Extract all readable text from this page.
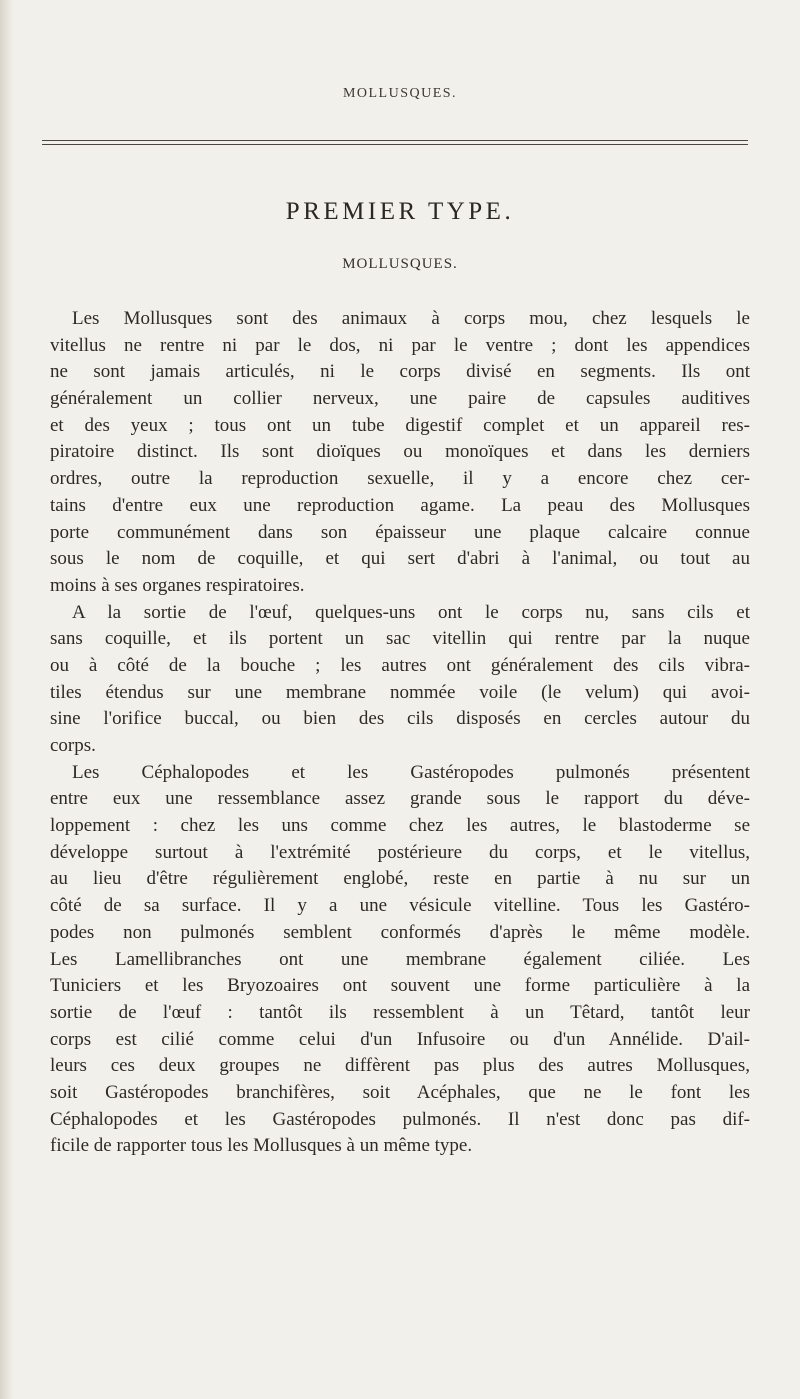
MOLLUSQUES.
PREMIER TYPE.
MOLLUSQUES.
Les Mollusques sont des animaux à corps mou, chez lesquels le
vitellus ne rentre ni par le dos, ni par le ventre ; dont les appendices
ne sont jamais articulés, ni le corps divisé en segments. Ils ont
généralement un collier nerveux, une paire de capsules auditives
et des yeux ; tous ont un tube digestif complet et un appareil res-
piratoire distinct. Ils sont dioïques ou monoïques et dans les derniers
ordres, outre la reproduction sexuelle, il y a encore chez cer-
tains d'entre eux une reproduction agame. La peau des Mollusques
porte communément dans son épaisseur une plaque calcaire connue
sous le nom de coquille, et qui sert d'abri à l'animal, ou tout au
moins à ses organes respiratoires.
A la sortie de l'œuf, quelques-uns ont le corps nu, sans cils et
sans coquille, et ils portent un sac vitellin qui rentre par la nuque
ou à côté de la bouche ; les autres ont généralement des cils vibra-
tiles étendus sur une membrane nommée voile (le velum) qui avoi-
sine l'orifice buccal, ou bien des cils disposés en cercles autour du
corps.
Les Céphalopodes et les Gastéropodes pulmonés présentent
entre eux une ressemblance assez grande sous le rapport du déve-
loppement : chez les uns comme chez les autres, le blastoderme se
développe surtout à l'extrémité postérieure du corps, et le vitellus,
au lieu d'être régulièrement englobé, reste en partie à nu sur un
côté de sa surface. Il y a une vésicule vitelline. Tous les Gastéro-
podes non pulmonés semblent conformés d'après le même modèle.
Les Lamellibranches ont une membrane également ciliée. Les
Tuniciers et les Bryozoaires ont souvent une forme particulière à la
sortie de l'œuf : tantôt ils ressemblent à un Têtard, tantôt leur
corps est cilié comme celui d'un Infusoire ou d'un Annélide. D'ail-
leurs ces deux groupes ne diffèrent pas plus des autres Mollusques,
soit Gastéropodes branchifères, soit Acéphales, que ne le font les
Céphalopodes et les Gastéropodes pulmonés. Il n'est donc pas dif-
ficile de rapporter tous les Mollusques à un même type.
